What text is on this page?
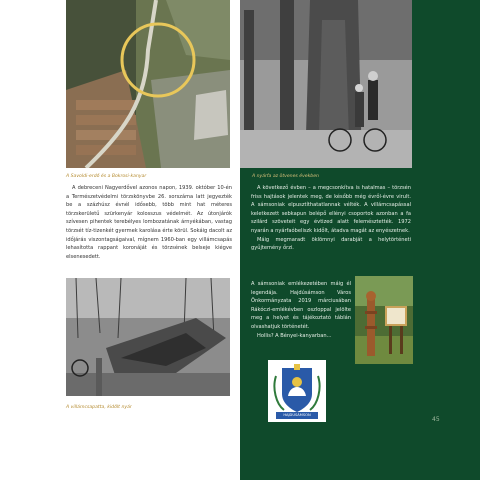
A Savoldi-erdő és a Bokrosi-kanyar

A debreceni Nagyerdővel azonos napon, 1939. október 10-én a Természetvédelmi törzskönyvbe 26. sorszáma latt jegyezték be a százhúsz évnél idősebb, több mint hat méteres törzskerületű szürkenyár kolosszus védelmét. Az útonjárók szívesen pihentek terebélyes lombozatának árnyékában, vastag törzsét tíz-tizenkét gyermek karolása érte körül. Sokáig dacolt az időjárás viszontagságaival, mígnem 1960-ban egy villámcsapás lehasította rappant koronáját és törzsének belseje kiégve elsenesedett.

A villámcsapatta, kidőlt nyár
A nyárfa az ötvenes években

A következő évben – a megcsonkítva is hatalmas – törzsén friss hajtások jelentek meg, de később még évről-évre virult. A sámsoniak elpusztíthatatlannak vélték. A villámcsapással keletkezett sebkapun belépő ellényi csoportok azonban a fa szilárd szöveteit egy évtized alatt felemésztették. 1972 nyarán a nyárfaóbeliszk kidőlt, átadva magát az enyészetnek.

Máig megmaradt öklömnyi darabját a helytörténeti gyűjtemény őrzi.

A sámsoniak emlékezetében máig él legendája. Hajdúsámson Város Önkormányzata 2019 márciusában Rákóczi-emlékévben oszloppal jelölte meg a helyet és tájékoztató táblán olvashatjuk történetét.

Hollis? A Bényei-kanyarban…

HAJDÚSÁMSON
45
